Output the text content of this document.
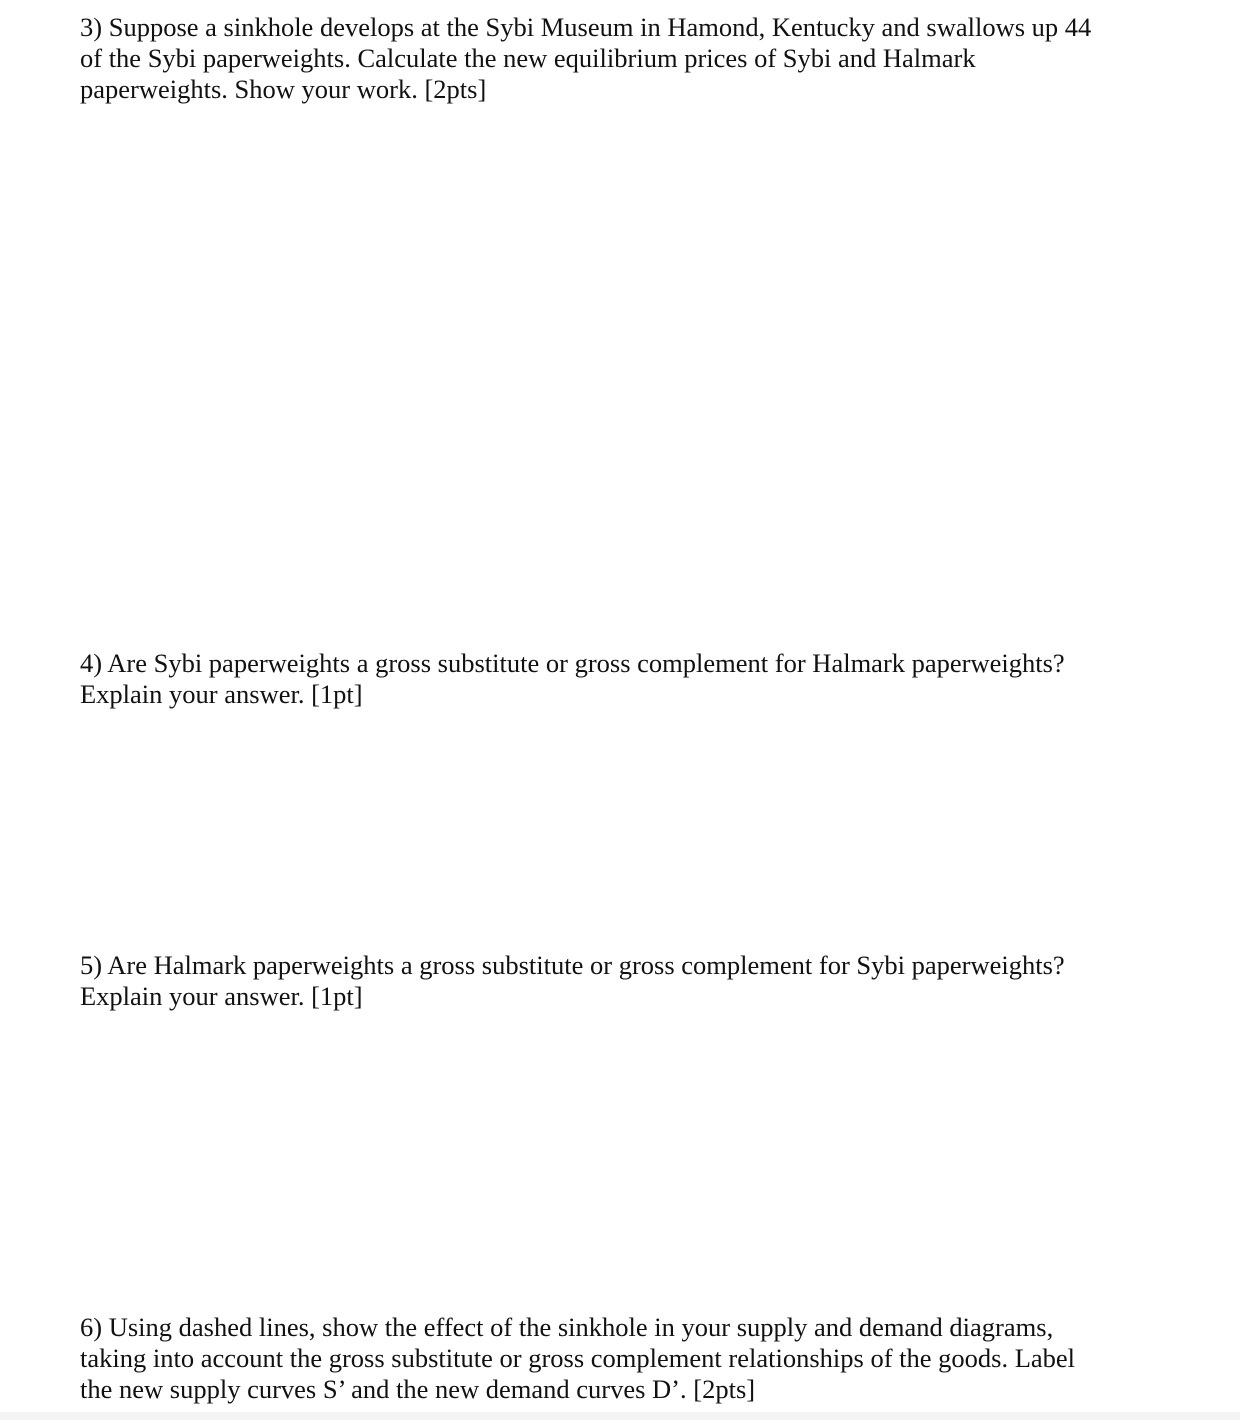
3) Suppose a sinkhole develops at the Sybi Museum in Hamond, Kentucky and swallows up 44
of the Sybi paperweights. Calculate the new equilibrium prices of Sybi and Halmark
paperweights. Show your work. [2pts]

4) Are Sybi paperweights a gross substitute or gross complement for Halmark paperweights?
Explain your answer. [1pt]

5) Are Halmark paperweights a gross substitute or gross complement for Sybi paperweights?
Explain your answer. [1pt]

6) Using dashed lines, show the effect of the sinkhole in your supply and demand diagrams,
taking into account the gross substitute or gross complement relationships of the goods. Label
the new supply curves S’ and the new demand curves D’. [2pts]
